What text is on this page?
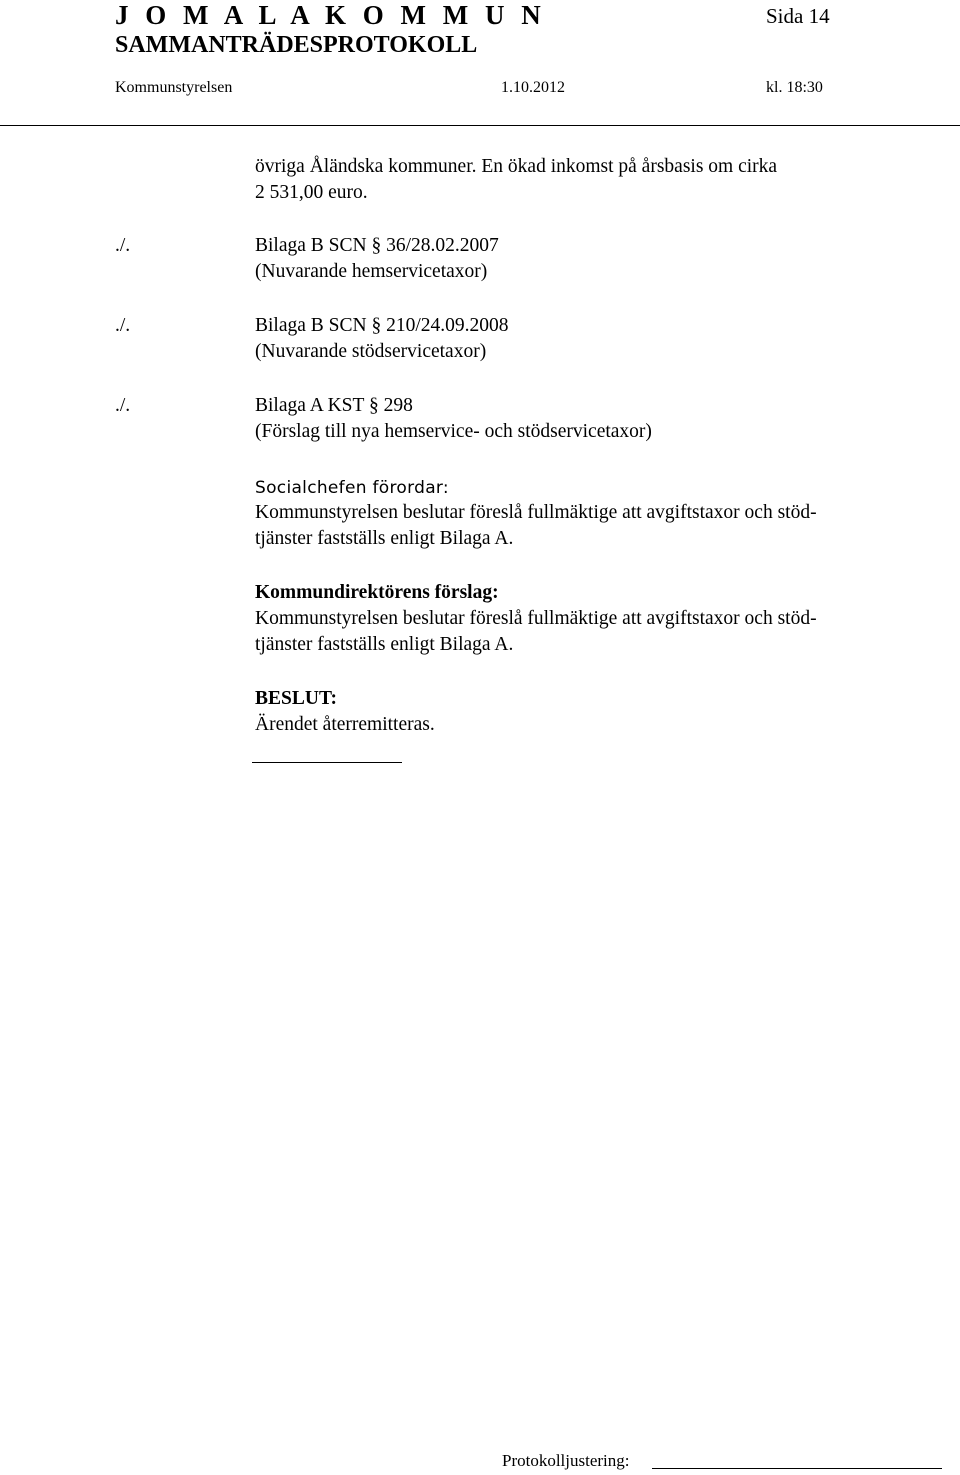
J O M A L A K O M M U N
SAMMANTRÄDESPROTOKOLL
Sida 14
Kommunstyrelsen	1.10.2012	kl. 18:30
övriga Åländska kommuner. En ökad inkomst på årsbasis om cirka
2 531,00 euro.
./.	Bilaga B SCN § 36/28.02.2007
(Nuvarande hemservicetaxor)
./.	Bilaga B SCN § 210/24.09.2008
(Nuvarande stödservicetaxor)
./.	Bilaga A KST § 298
(Förslag till nya hemservice- och stödservicetaxor)
Socialchefen förordar:
Kommunstyrelsen beslutar föreslå fullmäktige att avgiftstaxor och stöd-
tjänster fastställs enligt Bilaga A.
Kommundirektörens förslag:
Kommunstyrelsen beslutar föreslå fullmäktige att avgiftstaxor och stöd-
tjänster fastställs enligt Bilaga A.
BESLUT:
Ärendet återremitteras.
Protokolljustering:
